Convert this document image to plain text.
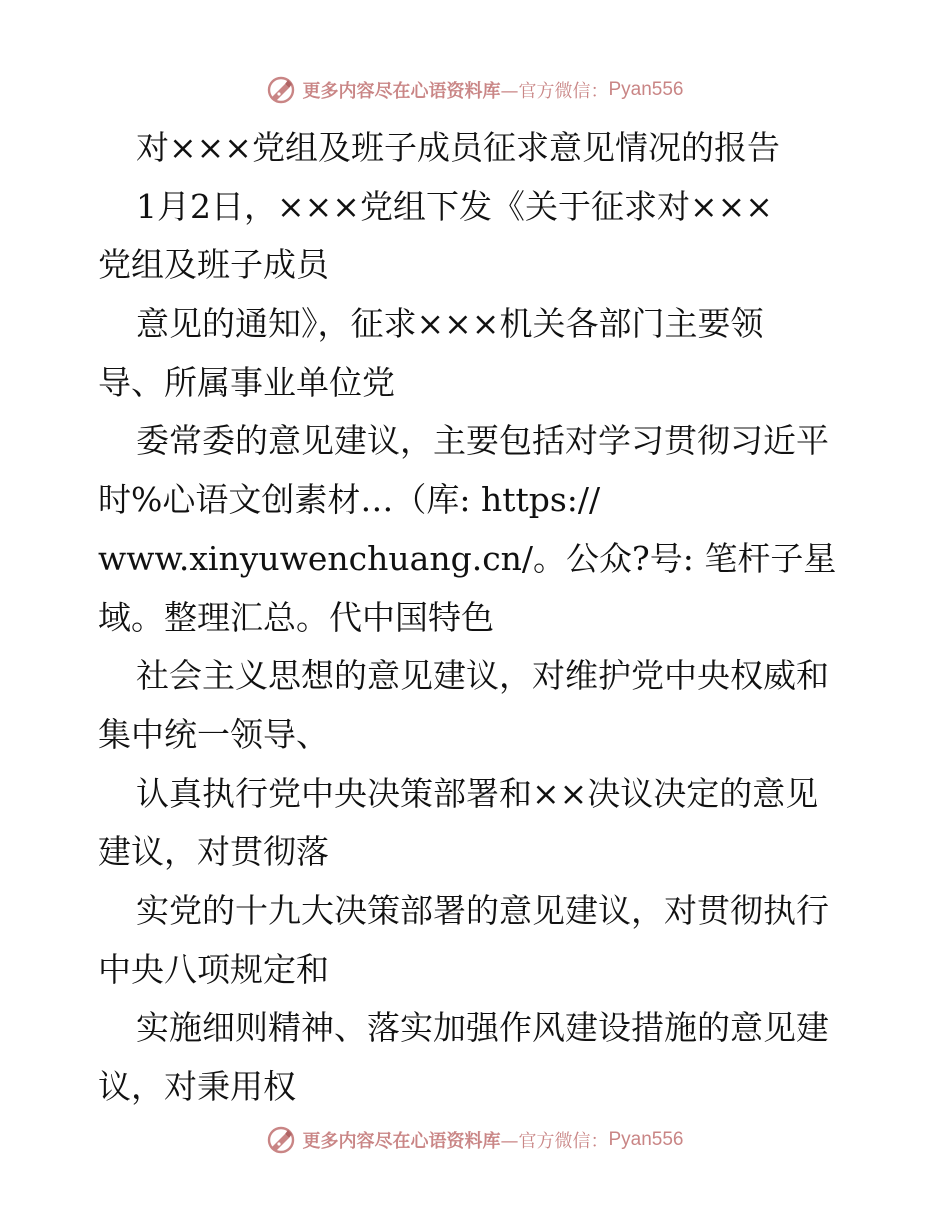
更多内容尽在心语资料库 —官方微信： Pyan556
对×××党组及班子成员征求意见情况的报告
1月2日，×××党组下发《关于征求对×××
党组及班子成员
意见的通知》，征求×××机关各部门主要领
导、所属事业单位党
委常委的意见建议，主要包括对学习贯彻习近平
时%心语文创素材…（库: https://
www.xinyuwenchuang.cn/。公众?号: 笔杆子星
域。整理汇总。代中国特色
社会主义思想的意见建议，对维护党中央权威和
集中统一领导、
认真执行党中央决策部署和××决议决定的意见
建议，对贯彻落
实党的十九大决策部署的意见建议，对贯彻执行
中央八项规定和
实施细则精神、落实加强作风建设措施的意见建
议，对秉用权
更多内容尽在心语资料库 —官方微信： Pyan556
